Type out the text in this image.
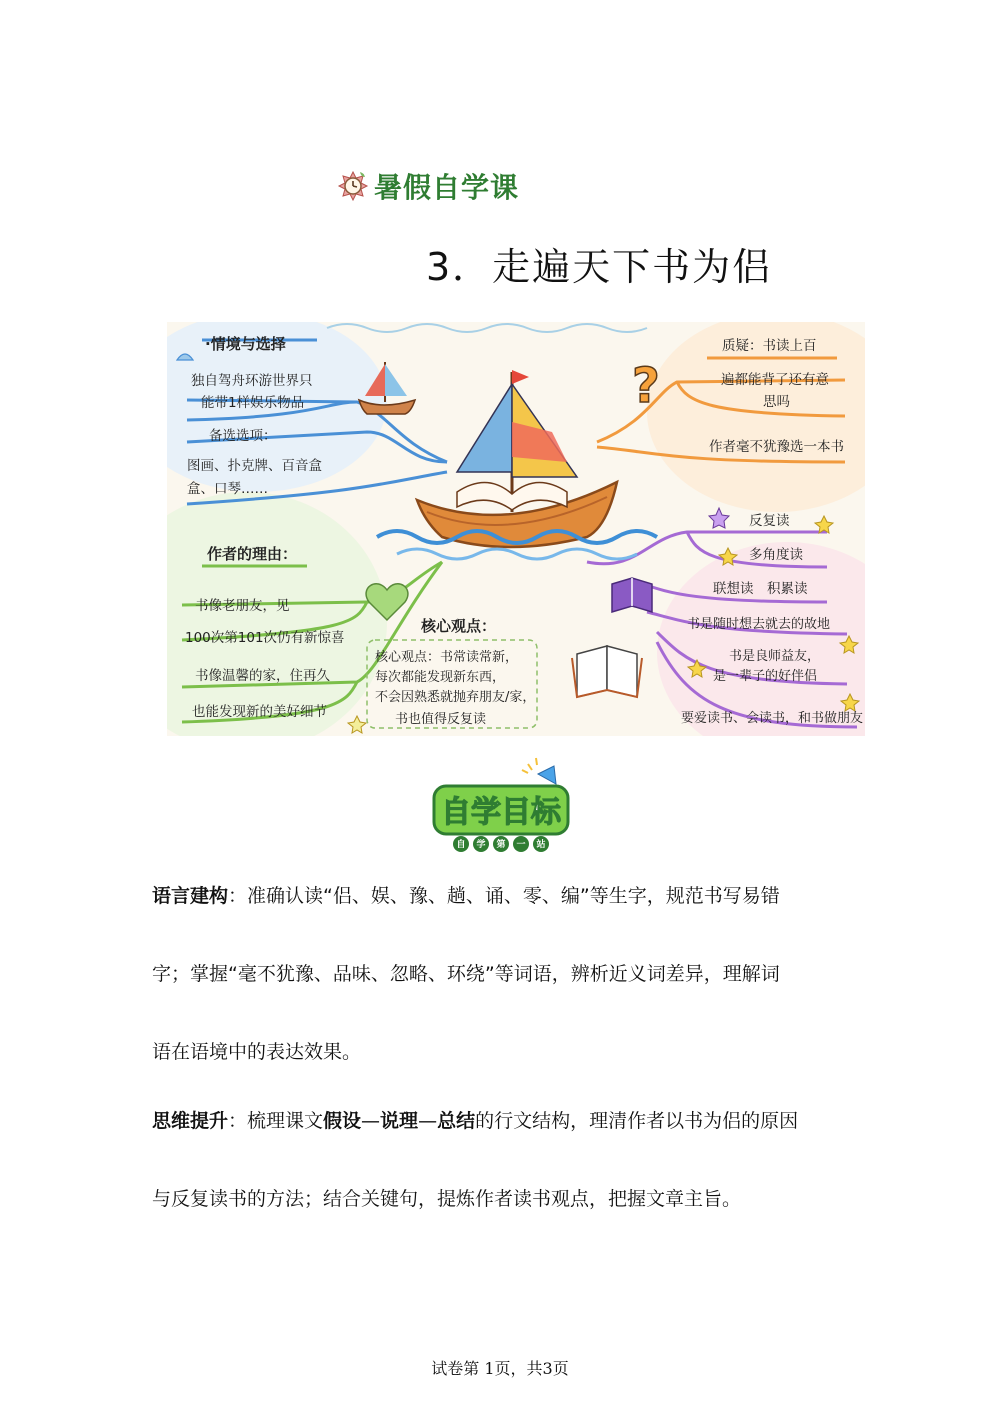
暑假自学课
3．走遍天下书为侣
?
·情境与选择
独自驾舟环游世界只
能带1样娱乐物品
备选选项：
图画、扑克牌、百音盒
盒、口琴……
质疑：书读上百
遍都能背了还有意
思吗
作者毫不犹豫选一本书
作者的理由：
书像老朋友，见
100次第101次仍有新惊喜
书像温馨的家，住再久
也能发现新的美好细节
核心观点：
核心观点：书常读常新，
每次都能发现新东西，
不会因熟悉就抛弃朋友/家，
书也值得反复读
反复读
多角度读
联想读　积累读
书是随时想去就去的故地
书是良师益友，
是一辈子的好伴侣
要爱读书、会读书，和书做朋友
自学目标
自 学 第 一 站
语言建构：准确认读“侣、娱、豫、趟、诵、零、编”等生字，规范书写易错
字；掌握“毫不犹豫、品味、忽略、环绕”等词语，辨析近义词差异，理解词
语在语境中的表达效果。
思维提升：梳理课文假设—说理—总结的行文结构，理清作者以书为侣的原因
与反复读书的方法；结合关键句，提炼作者读书观点，把握文章主旨。
试卷第 1页，共3页
